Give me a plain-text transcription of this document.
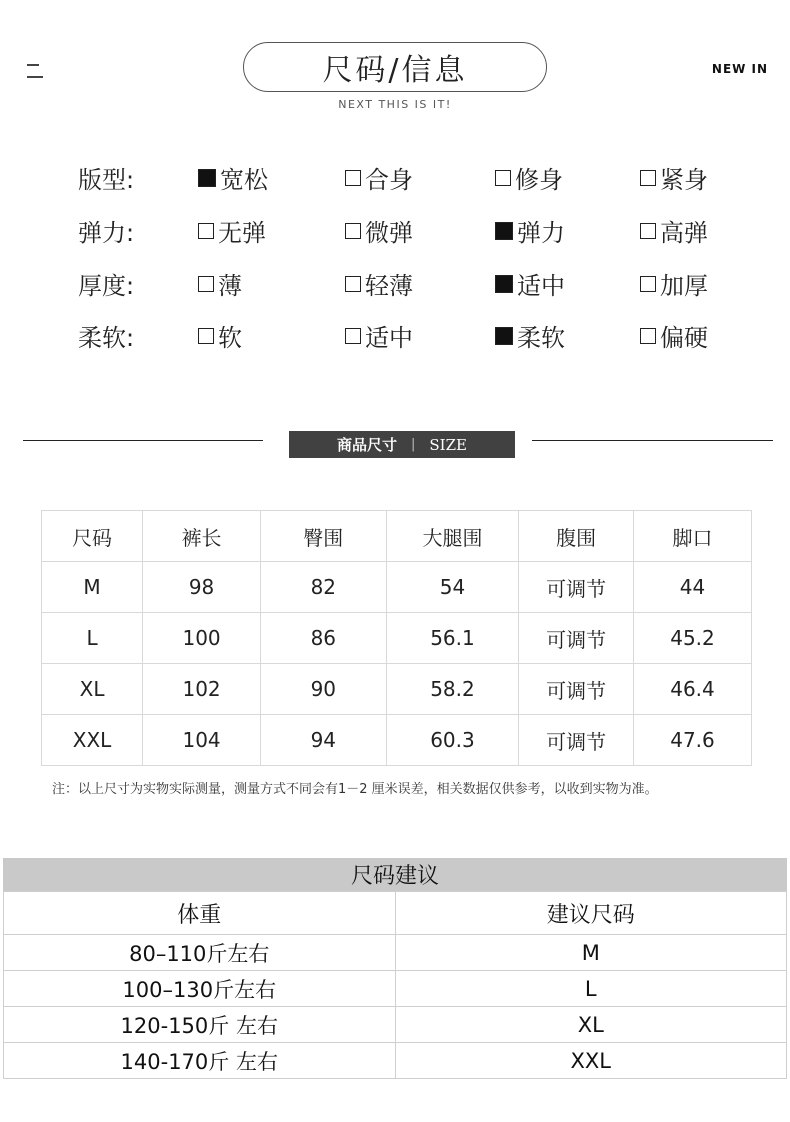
尺码/信息
NEXT THIS IS IT!
NEW IN
版型:	宽松	合身	修身	紧身
弹力:	无弹	微弹	弹力	高弹
厚度:	薄	轻薄	适中	加厚
柔软:	软	适中	柔软	偏硬
商品尺寸 | SIZE
尺码	裤长	臀围	大腿围	腹围	脚口
M	98	82	54	可调节	44
L	100	86	56.1	可调节	45.2
XL	102	90	58.2	可调节	46.4
XXL	104	94	60.3	可调节	47.6
注：以上尺寸为实物实际测量，测量方式不同会有1－2 厘米误差，相关数据仅供参考，以收到实物为准。
尺码建议
体重	建议尺码
80–110斤左右	M
100–130斤左右	L
120-150斤 左右	XL
140-170斤 左右	XXL
